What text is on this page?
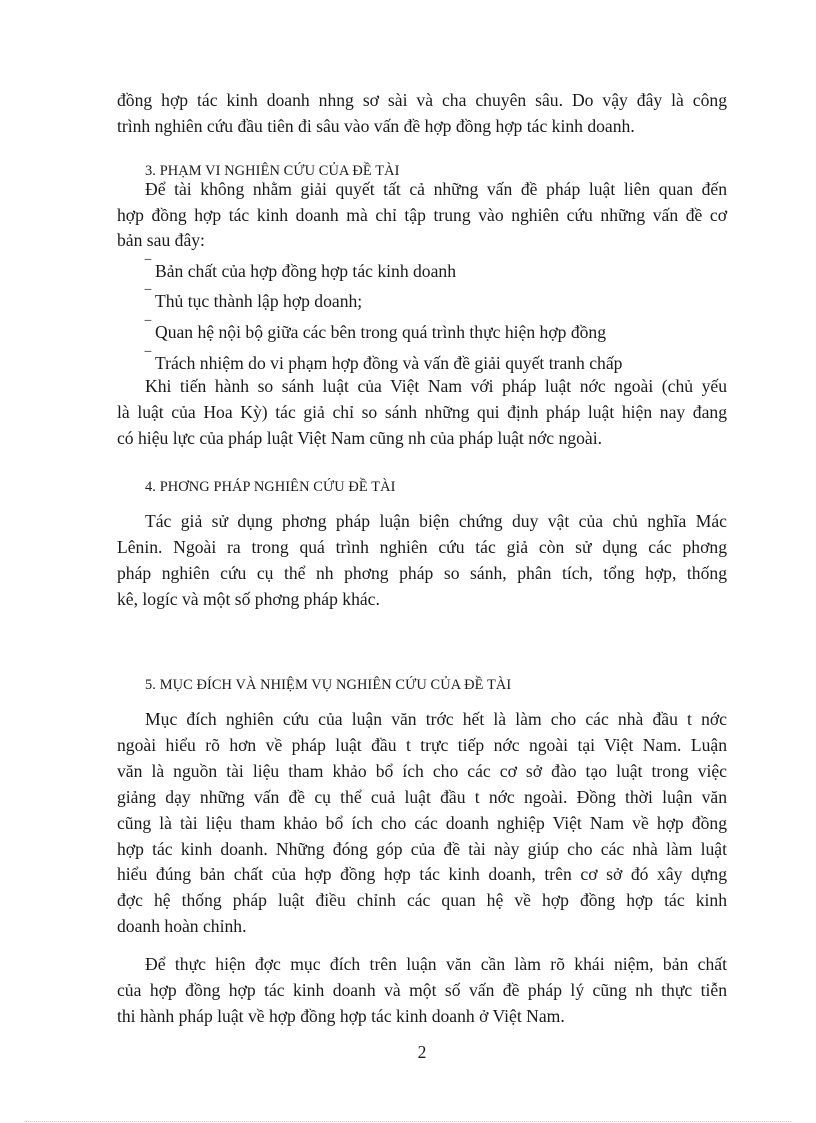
đồng hợp tác kinh doanh nhng sơ sài và cha chuyên sâu. Do vậy đây là công
trình nghiên cứu đầu tiên đi sâu vào vấn đề hợp đồng hợp tác kinh doanh.
3. PHẠM VI NGHIÊN CỨU CỦA ĐỀ TÀI
Để tài không nhằm giải quyết tất cả những vấn đề pháp luật liên quan đến
hợp đồng hợp tác kinh doanh mà chỉ tập trung vào nghiên cứu những vấn đề cơ
bản sau đây:
‾ Bản chất của hợp đồng hợp tác kinh doanh
‾ Thủ tục thành lập hợp doanh;
‾ Quan hệ nội bộ giữa các bên trong quá trình thực hiện hợp đồng
‾ Trách nhiệm do vi phạm hợp đồng và vấn đề giải quyết tranh chấp
Khi tiến hành so sánh luật của Việt Nam với pháp luật nớc ngoài (chủ yếu
là luật của Hoa Kỳ) tác giả chỉ so sánh những qui định pháp luật hiện nay đang
có hiệu lực của pháp luật Việt Nam cũng nh của pháp luật nớc ngoài.
4. PHƠNG PHÁP NGHIÊN CỨU ĐỀ TÀI
Tác giả sử dụng phơng pháp luận biện chứng duy vật của chủ nghĩa Mác
Lênin. Ngoài ra trong quá trình nghiên cứu tác giả còn sử dụng các phơng
pháp nghiên cứu cụ thể nh phơng pháp so sánh, phân tích, tổng hợp, thống
kê, logíc và một số phơng pháp khác.
5. MỤC ĐÍCH VÀ NHIỆM VỤ NGHIÊN CỨU CỦA ĐỀ TÀI
Mục đích nghiên cứu của luận văn trớc hết là làm cho các nhà đầu t nớc
ngoài hiểu rõ hơn về pháp luật đầu t trực tiếp nớc ngoài tại Việt Nam. Luận
văn là nguồn tài liệu tham khảo bổ ích cho các cơ sở đào tạo luật trong việc
giảng dạy những vấn đề cụ thể cuả luật đầu t nớc ngoài. Đồng thời luận văn
cũng là tài liệu tham khảo bổ ích cho các doanh nghiệp Việt Nam về hợp đồng
hợp tác kinh doanh. Những đóng góp của đề tài này giúp cho các nhà làm luật
hiểu đúng bản chất của hợp đồng hợp tác kinh doanh, trên cơ sở đó xây dựng
đợc hệ thống pháp luật điều chỉnh các quan hệ về hợp đồng hợp tác kinh
doanh hoàn chỉnh.
Để thực hiện đợc mục đích trên luận văn cần làm rõ khái niệm, bản chất
của hợp đồng hợp tác kinh doanh và một số vấn đề pháp lý cũng nh thực tiễn
thi hành pháp luật về hợp đồng hợp tác kinh doanh ở Việt Nam.
2
